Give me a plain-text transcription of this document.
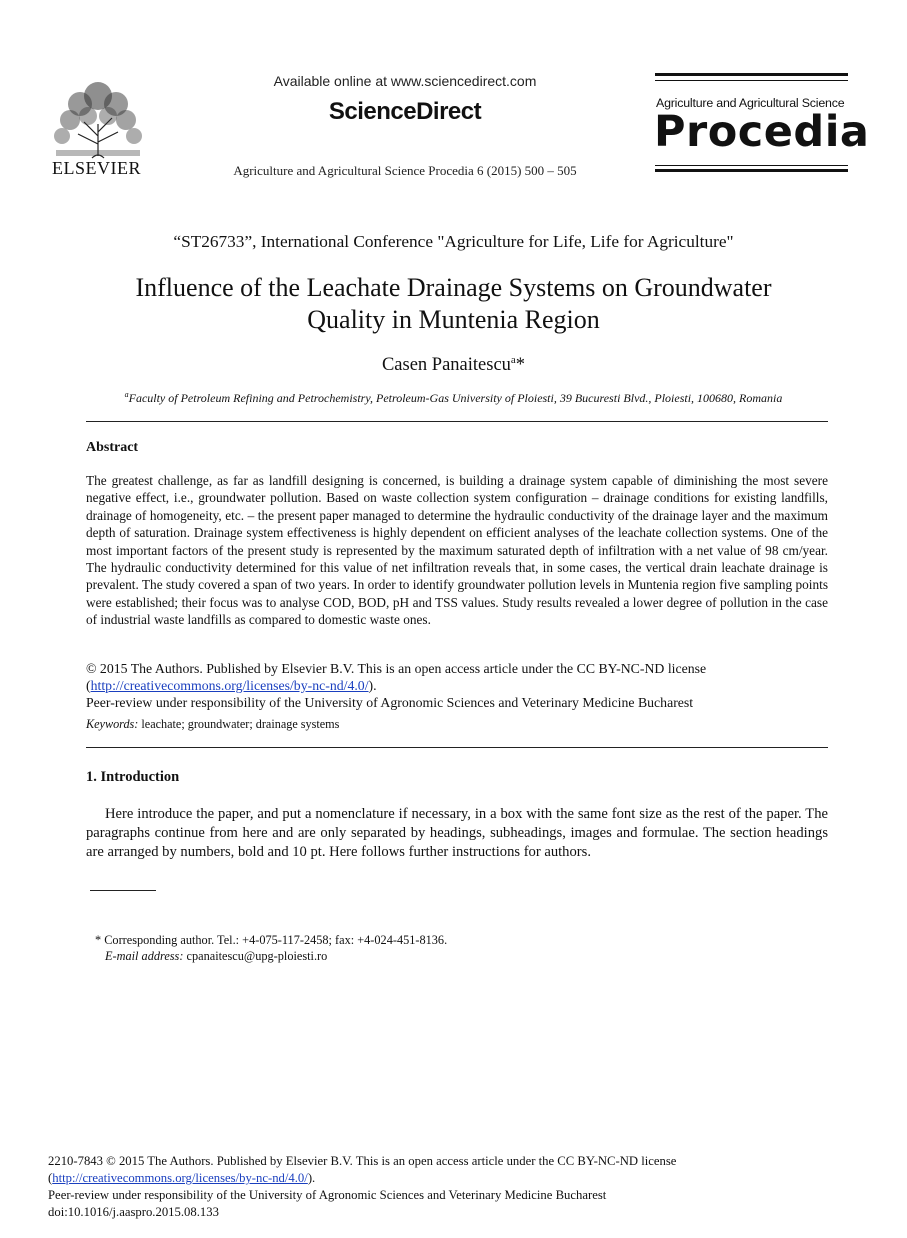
ELSEVIER
Available online at www.sciencedirect.com
ScienceDirect
Agriculture and Agricultural Science Procedia 6 (2015) 500 – 505
Agriculture and Agricultural Science
Procedia
“ST26733”, International Conference "Agriculture for Life, Life for Agriculture"
Influence of the Leachate Drainage Systems on Groundwater
Quality in Muntenia Region
Casen Panaitescu$^a$*
$^a$Faculty of Petroleum Refining and Petrochemistry, Petroleum-Gas University of Ploiesti, 39 Bucuresti Blvd., Ploiesti, 100680, Romania
Abstract
The greatest challenge, as far as landfill designing is concerned, is building a drainage system capable of diminishing the most severe negative effect, i.e., groundwater pollution. Based on waste collection system configuration – drainage conditions for existing landfills, drainage of homogeneity, etc. – the present paper managed to determine the hydraulic conductivity of the drainage layer and the maximum depth of saturation. Drainage system effectiveness is highly dependent on efficient analyses of the leachate collection systems. One of the most important factors of the present study is represented by the maximum saturated depth of infiltration with a net value of 98 cm/year. The hydraulic conductivity determined for this value of net infiltration reveals that, in some cases, the vertical drain leachate drainage is prevalent. The study covered a span of two years. In order to identify groundwater pollution levels in Muntenia region five sampling points were established; their focus was to analyse COD, BOD, pH and TSS values. Study results revealed a lower degree of pollution in the case of industrial waste landfills as compared to domestic waste ones.
© 2015 The Authors. Published by Elsevier B.V. This is an open access article under the CC BY-NC-ND license
(http://creativecommons.org/licenses/by-nc-nd/4.0/).
Peer-review under responsibility of the University of Agronomic Sciences and Veterinary Medicine Bucharest
Keywords: leachate; groundwater; drainage systems
1. Introduction

Here introduce the paper, and put a nomenclature if necessary, in a box with the same font size as the rest of the paper. The paragraphs continue from here and are only separated by headings, subheadings, images and formulae. The section headings are arranged by numbers, bold and 10 pt. Here follows further instructions for authors.

* Corresponding author. Tel.: +4-075-117-2458; fax: +4-024-451-8136.
E-mail address: cpanaitescu@upg-ploiesti.ro
2210-7843 © 2015 The Authors. Published by Elsevier B.V. This is an open access article under the CC BY-NC-ND license
(http://creativecommons.org/licenses/by-nc-nd/4.0/).
Peer-review under responsibility of the University of Agronomic Sciences and Veterinary Medicine Bucharest
doi:10.1016/j.aaspro.2015.08.133
